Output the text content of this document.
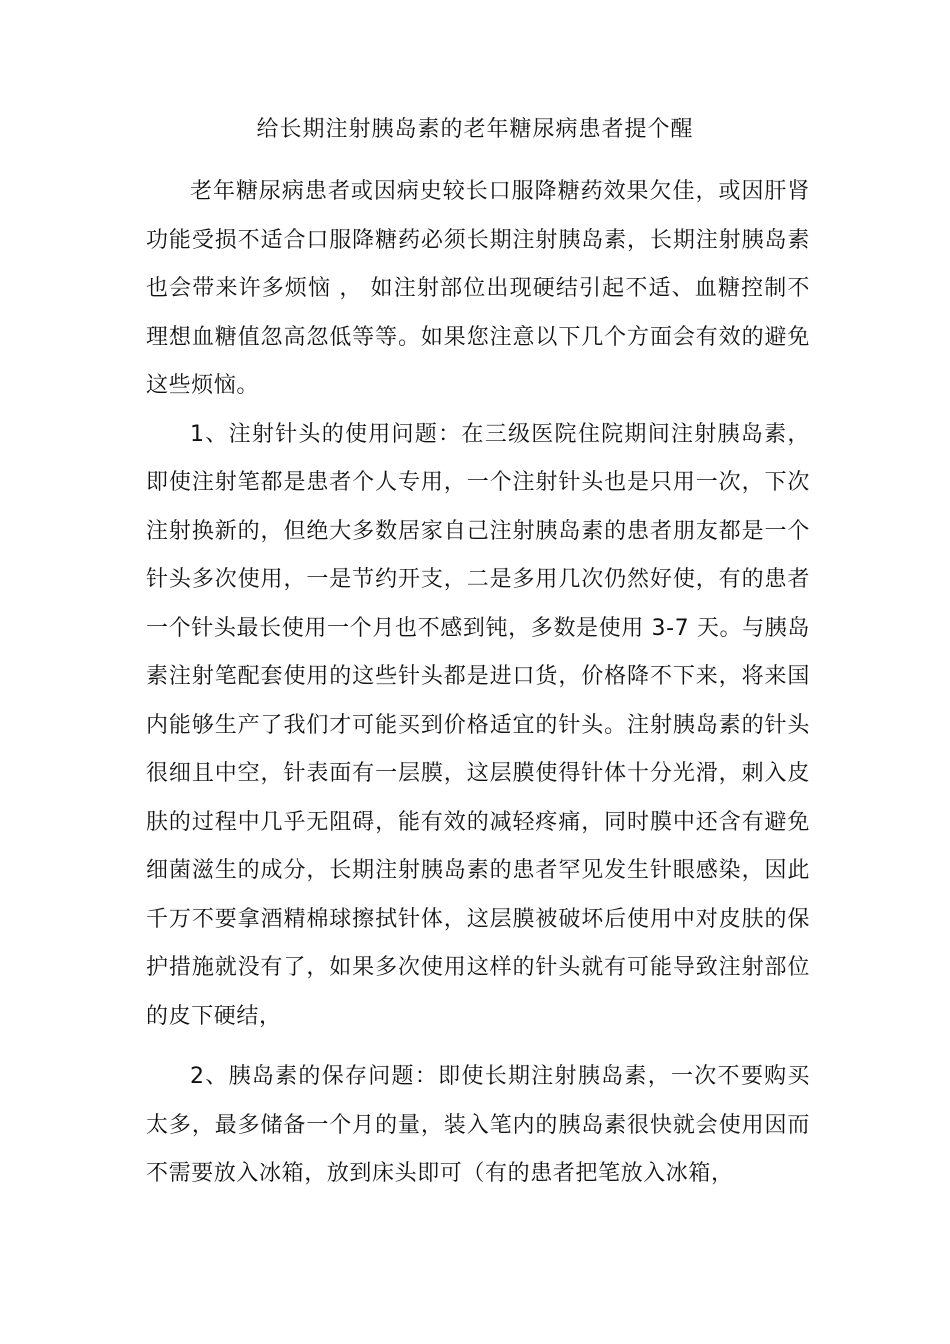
给长期注射胰岛素的老年糖尿病患者提个醒

老年糖尿病患者或因病史较长口服降糖药效果欠佳，或因肝肾功能受损不适合口服降糖药必须长期注射胰岛素，长期注射胰岛素也会带来许多烦恼 ， 如注射部位出现硬结引起不适、血糖控制不理想血糖值忽高忽低等等。如果您注意以下几个方面会有效的避免这些烦恼。

1、注射针头的使用问题：在三级医院住院期间注射胰岛素，即使注射笔都是患者个人专用，一个注射针头也是只用一次，下次注射换新的，但绝大多数居家自己注射胰岛素的患者朋友都是一个针头多次使用，一是节约开支，二是多用几次仍然好使，有的患者一个针头最长使用一个月也不感到钝，多数是使用 3-7 天。与胰岛素注射笔配套使用的这些针头都是进口货，价格降不下来，将来国内能够生产了我们才可能买到价格适宜的针头。注射胰岛素的针头很细且中空，针表面有一层膜，这层膜使得针体十分光滑，刺入皮肤的过程中几乎无阻碍，能有效的减轻疼痛，同时膜中还含有避免细菌滋生的成分，长期注射胰岛素的患者罕见发生针眼感染，因此千万不要拿酒精棉球擦拭针体，这层膜被破坏后使用中对皮肤的保护措施就没有了，如果多次使用这样的针头就有可能导致注射部位的皮下硬结，

2、胰岛素的保存问题：即使长期注射胰岛素，一次不要购买太多，最多储备一个月的量，装入笔内的胰岛素很快就会使用因而不需要放入冰箱，放到床头即可（有的患者把笔放入冰箱，
